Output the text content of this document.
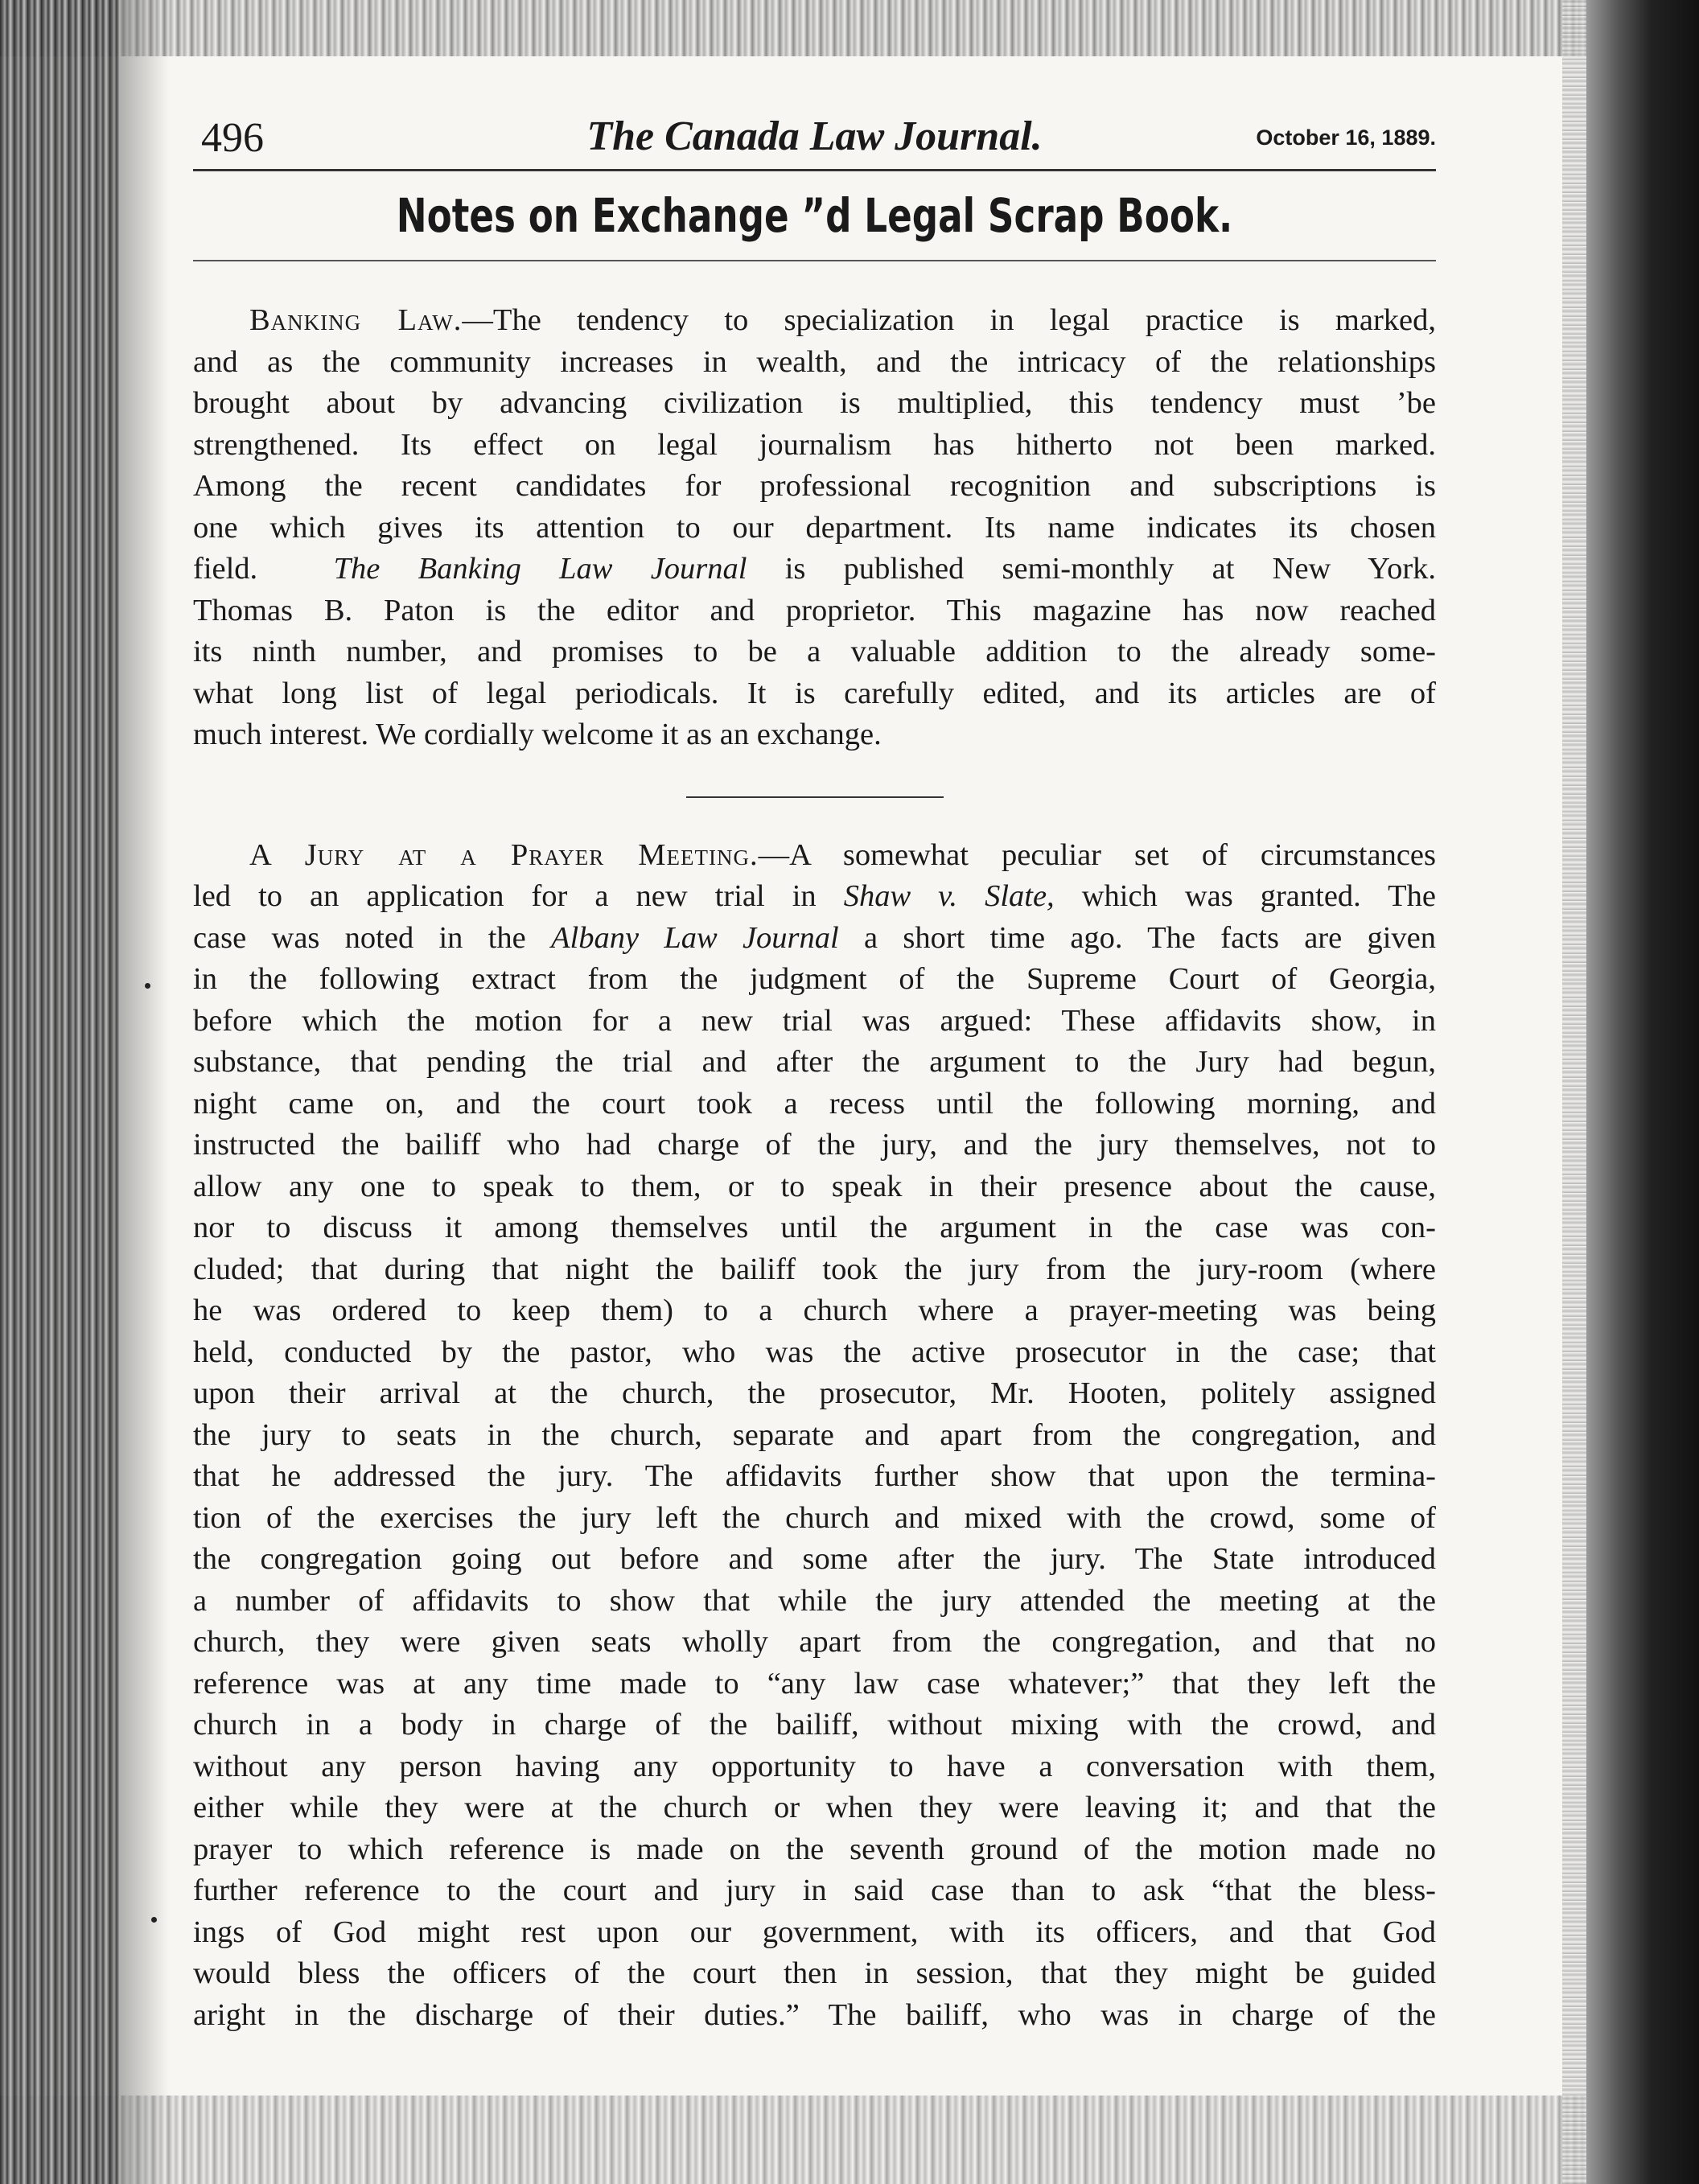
496	The Canada Law Journal.	October 16, 1889.
Notes on Exchange ”d Legal Scrap Book.

Banking Law.—The tendency to specialization in legal practice is marked,
and as the community increases in wealth, and the intricacy of the relationships
brought about by advancing civilization is multiplied, this tendency must ’be
strengthened. Its effect on legal journalism has hitherto not been marked.
Among the recent candidates for professional recognition and subscriptions is
one which gives its attention to our department. Its name indicates its chosen
field. The Banking Law Journal is published semi-monthly at New York.
Thomas B. Paton is the editor and proprietor. This magazine has now reached
its ninth number, and promises to be a valuable addition to the already some-
what long list of legal periodicals. It is carefully edited, and its articles are of
much interest. We cordially welcome it as an exchange.

A Jury at a Prayer Meeting.—A somewhat peculiar set of circumstances
led to an application for a new trial in Shaw v. Slate, which was granted. The
case was noted in the Albany Law Journal a short time ago. The facts are given
in the following extract from the judgment of the Supreme Court of Georgia,
before which the motion for a new trial was argued: These affidavits show, in
substance, that pending the trial and after the argument to the Jury had begun,
night came on, and the court took a recess until the following morning, and
instructed the bailiff who had charge of the jury, and the jury themselves, not to
allow any one to speak to them, or to speak in their presence about the cause,
nor to discuss it among themselves until the argument in the case was con-
cluded; that during that night the bailiff took the jury from the jury-room (where
he was ordered to keep them) to a church where a prayer-meeting was being
held, conducted by the pastor, who was the active prosecutor in the case; that
upon their arrival at the church, the prosecutor, Mr. Hooten, politely assigned
the jury to seats in the church, separate and apart from the congregation, and
that he addressed the jury. The affidavits further show that upon the termina-
tion of the exercises the jury left the church and mixed with the crowd, some of
the congregation going out before and some after the jury. The State introduced
a number of affidavits to show that while the jury attended the meeting at the
church, they were given seats wholly apart from the congregation, and that no
reference was at any time made to “any law case whatever;” that they left the
church in a body in charge of the bailiff, without mixing with the crowd, and
without any person having any opportunity to have a conversation with them,
either while they were at the church or when they were leaving it; and that the
prayer to which reference is made on the seventh ground of the motion made no
further reference to the court and jury in said case than to ask “that the bless-
ings of God might rest upon our government, with its officers, and that God
would bless the officers of the court then in session, that they might be guided
aright in the discharge of their duties.” The bailiff, who was in charge of the
